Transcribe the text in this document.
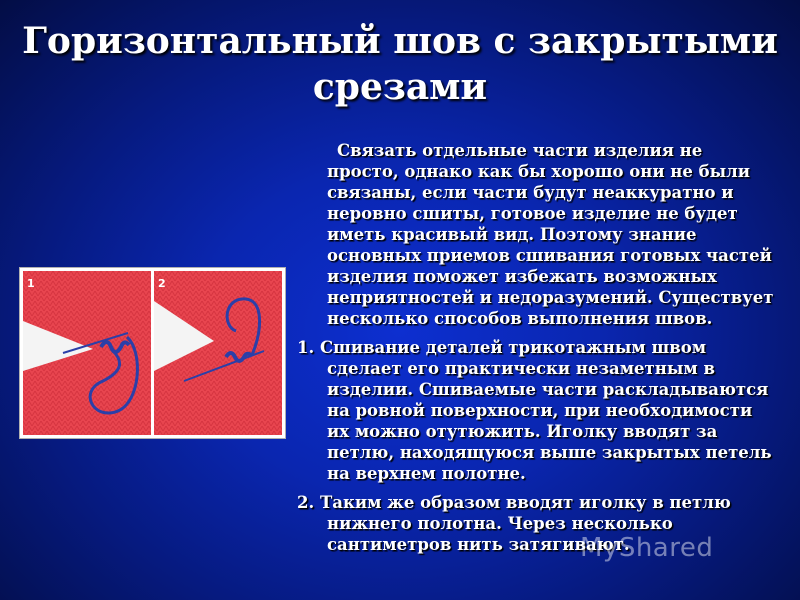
Горизонтальный шов с закрытыми срезами
1	2

Связать отдельные части изделия не просто, однако как бы хорошо они не были связаны, если части будут неаккуратно и неровно сшиты, готовое изделие не будет иметь красивый вид. Поэтому знание основных приемов сшивания готовых частей изделия поможет избежать возможных неприятностей и недоразумений. Существует несколько способов выполнения швов.

1. Сшивание деталей трикотажным швом сделает его практически незаметным в изделии. Сшиваемые части раскладываются на ровной поверхности, при необходимости их можно отутюжить. Иголку вводят за петлю, находящуюся выше закрытых петель на верхнем полотне.

2. Таким же образом вводят иголку в петлю нижнего полотна. Через несколько сантиметров нить затягивают.

MyShared
